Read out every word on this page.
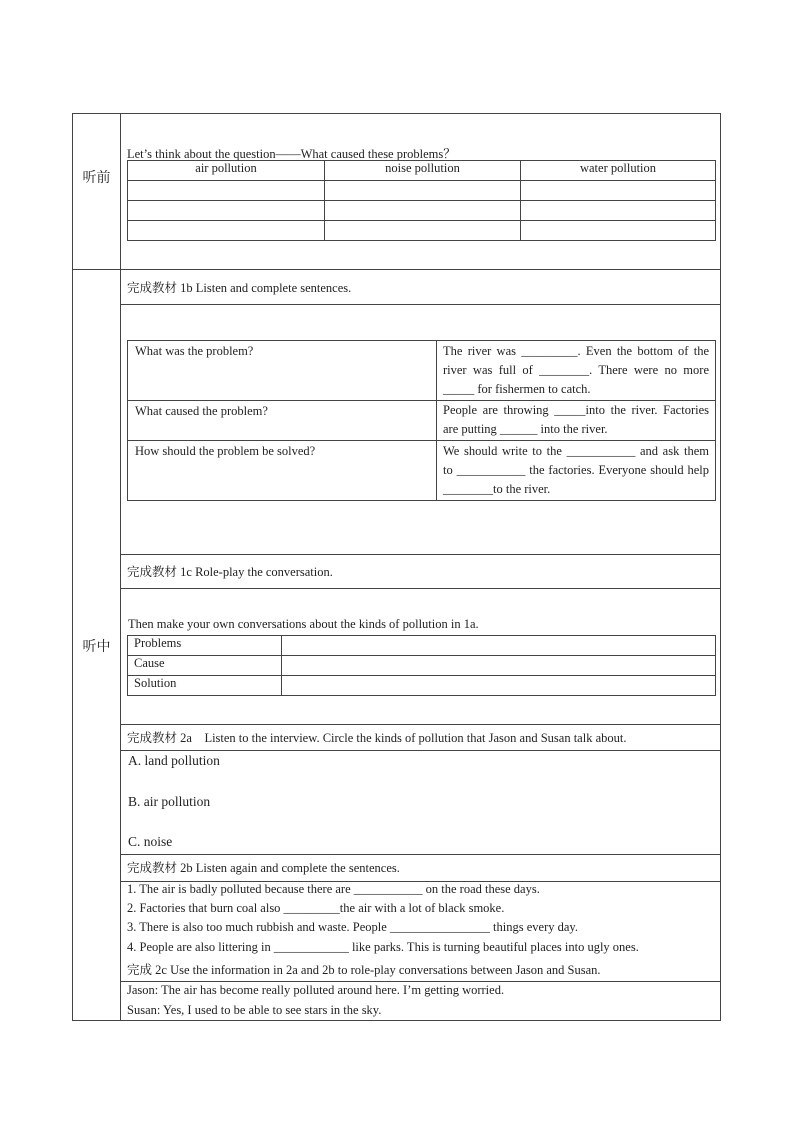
听前
听中
Let’s think about the question——What caused these problems？
air pollution	noise pollution	water pollution

完成教材 1b Listen and complete sentences.
What was the problem?	The river was _________. Even the bottom of the river was full of ________. There were no more _____ for fishermen to catch.
What caused the problem?	People are throwing _____into the river. Factories are putting ______ into the river.
How should the problem be solved?	We should write to the ___________ and ask them to ___________ the factories. Everyone should help ________to the river.
完成教材 1c Role-play the conversation.
Then make your own conversations about the kinds of pollution in 1a.
Problems	
Cause	
Solution	
完成教材 2a　Listen to the interview. Circle the kinds of pollution that Jason and Susan talk about.
A. land pollution
B. air pollution
C. noise
完成教材 2b Listen again and complete the sentences.
1. The air is badly polluted because there are ___________ on the road these days.
2. Factories that burn coal also _________the air with a lot of black smoke.
3. There is also too much rubbish and waste. People ________________ things every day.
4. People are also littering in ____________ like parks. This is turning beautiful places into ugly ones.
完成 2c Use the information in 2a and 2b to role-play conversations between Jason and Susan.
Jason: The air has become really polluted around here. I’m getting worried.
Susan: Yes, I used to be able to see stars in the sky.
